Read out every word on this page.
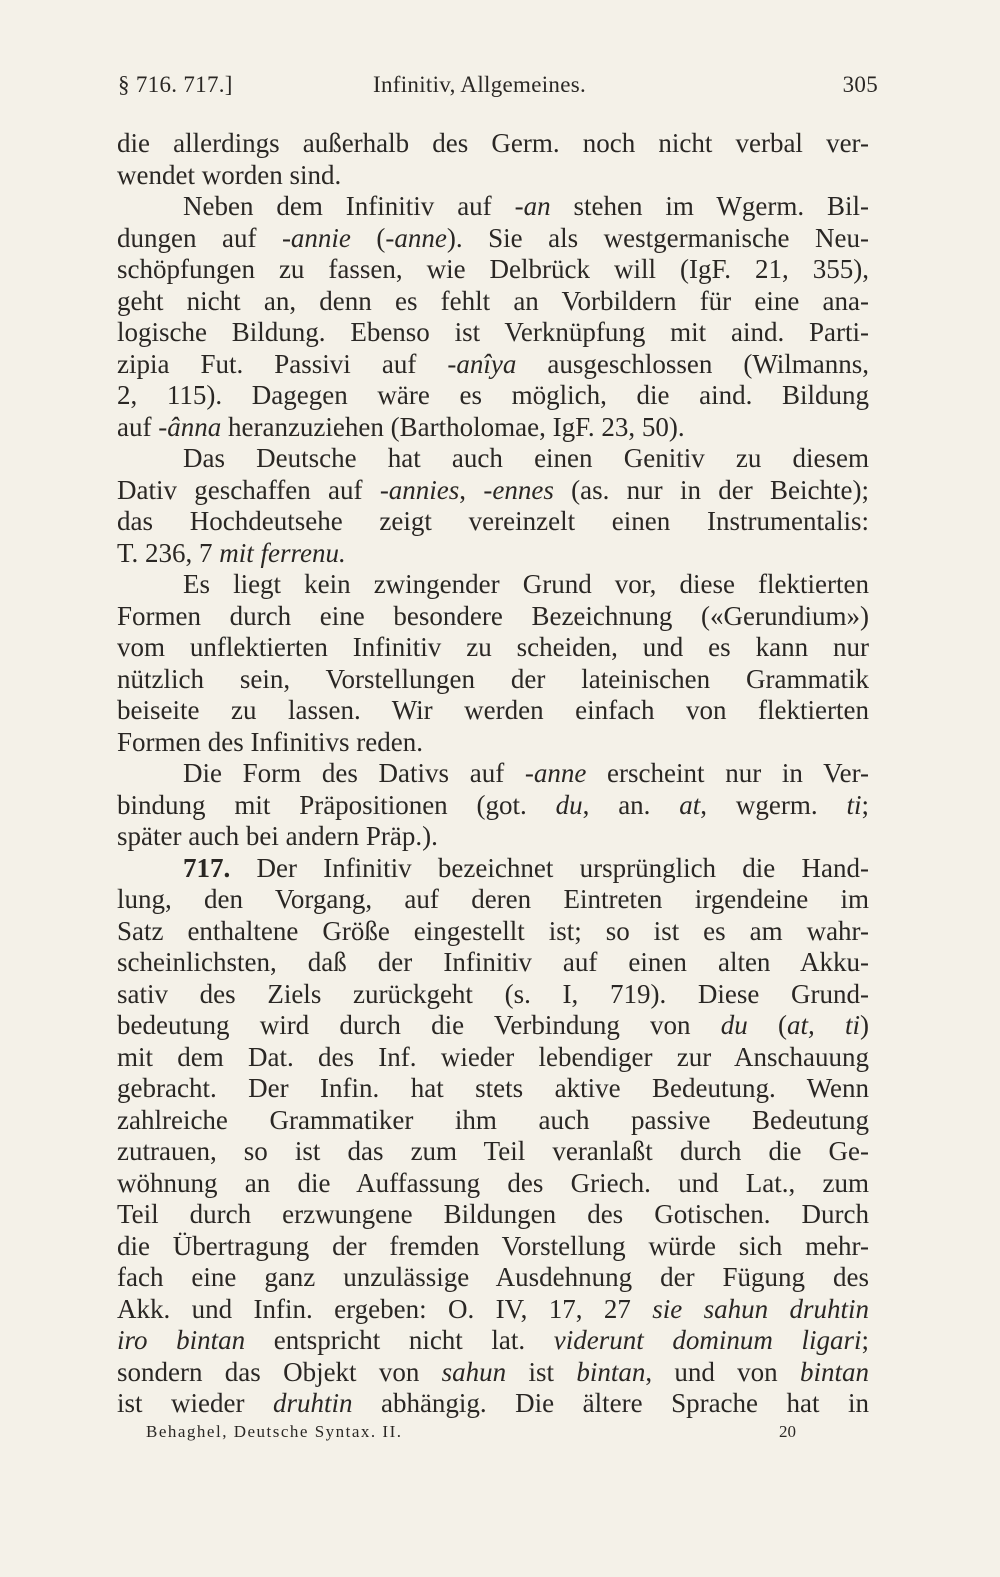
§ 716. 717.]	Infinitiv, Allgemeines.	305
die allerdings außerhalb des Germ. noch nicht verbal ver-
wendet worden sind.
Neben dem Infinitiv auf -an stehen im Wgerm. Bil-
dungen auf -annie (-anne). Sie als westgermanische Neu-
schöpfungen zu fassen, wie Delbrück will (IgF. 21, 355),
geht nicht an, denn es fehlt an Vorbildern für eine ana-
logische Bildung. Ebenso ist Verknüpfung mit aind. Parti-
zipia Fut. Passivi auf -anîya ausgeschlossen (Wilmanns,
2, 115). Dagegen wäre es möglich, die aind. Bildung
auf -ânna heranzuziehen (Bartholomae, IgF. 23, 50).
Das Deutsche hat auch einen Genitiv zu diesem
Dativ geschaffen auf -annies, -ennes (as. nur in der Beichte);
das Hochdeutsehe zeigt vereinzelt einen Instrumentalis:
T. 236, 7 mit ferrenu.
Es liegt kein zwingender Grund vor, diese flektierten
Formen durch eine besondere Bezeichnung («Gerundium»)
vom unflektierten Infinitiv zu scheiden, und es kann nur
nützlich sein, Vorstellungen der lateinischen Grammatik
beiseite zu lassen. Wir werden einfach von flektierten
Formen des Infinitivs reden.
Die Form des Dativs auf -anne erscheint nur in Ver-
bindung mit Präpositionen (got. du, an. at, wgerm. ti;
später auch bei andern Präp.).
717. Der Infinitiv bezeichnet ursprünglich die Hand-
lung, den Vorgang, auf deren Eintreten irgendeine im
Satz enthaltene Größe eingestellt ist; so ist es am wahr-
scheinlichsten, daß der Infinitiv auf einen alten Akku-
sativ des Ziels zurückgeht (s. I, 719). Diese Grund-
bedeutung wird durch die Verbindung von du (at, ti)
mit dem Dat. des Inf. wieder lebendiger zur Anschauung
gebracht. Der Infin. hat stets aktive Bedeutung. Wenn
zahlreiche Grammatiker ihm auch passive Bedeutung
zutrauen, so ist das zum Teil veranlaßt durch die Ge-
wöhnung an die Auffassung des Griech. und Lat., zum
Teil durch erzwungene Bildungen des Gotischen. Durch
die Übertragung der fremden Vorstellung würde sich mehr-
fach eine ganz unzulässige Ausdehnung der Fügung des
Akk. und Infin. ergeben: O. IV, 17, 27 sie sahun druhtin
iro bintan entspricht nicht lat. viderunt dominum ligari;
sondern das Objekt von sahun ist bintan, und von bintan
ist wieder druhtin abhängig. Die ältere Sprache hat in
Behaghel, Deutsche Syntax. II.	20
